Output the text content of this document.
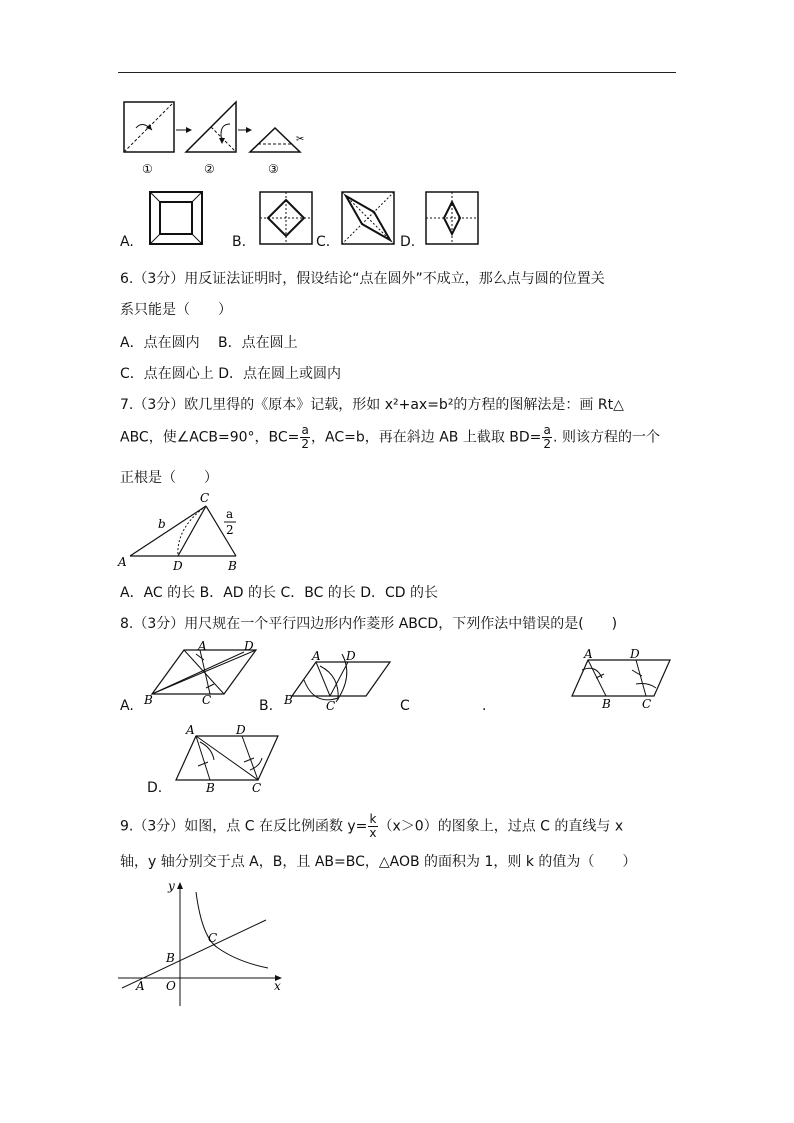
✂
①	②	③
A.	B.	C.	D.
6.（3分）用反证法证明时，假设结论“点在圆外”不成立，那么点与圆的位置关
系只能是（　　）
A．点在圆内　 B．点在圆上
C．点在圆心上 D．点在圆上或圆内
7.（3分）欧几里得的《原本》记载，形如 x²+ax=b²的方程的图解法是：画 Rt△
ABC，使∠ACB=90°，$BC= \frac{a}{2}$ ，AC=b，再在斜边 AB 上截取 $BD= \frac{a}{2}$ . 则该方程的一个
正根是（　　）
A	D	B
C
b
a
2
A．AC 的长 B．AD 的长 C．BC 的长 D．CD 的长
8.（3分）用尺规在一个平行四边形内作菱形 ABCD，下列作法中错误的是(　　)
A.
A	D
B	C	B.
A D
B	C	C	.
A	D
B	C
D.
A	D
B	C
9.（3分）如图，点 C 在反比例函数 $y= \frac{k}{x} (x>0)$的图象上，过点 C 的直线与 x
轴，y 轴分别交于点 A，B，且 AB=BC，△AOB 的面积为 1，则 k 的值为（　　）
y
x
O
A
B
C
